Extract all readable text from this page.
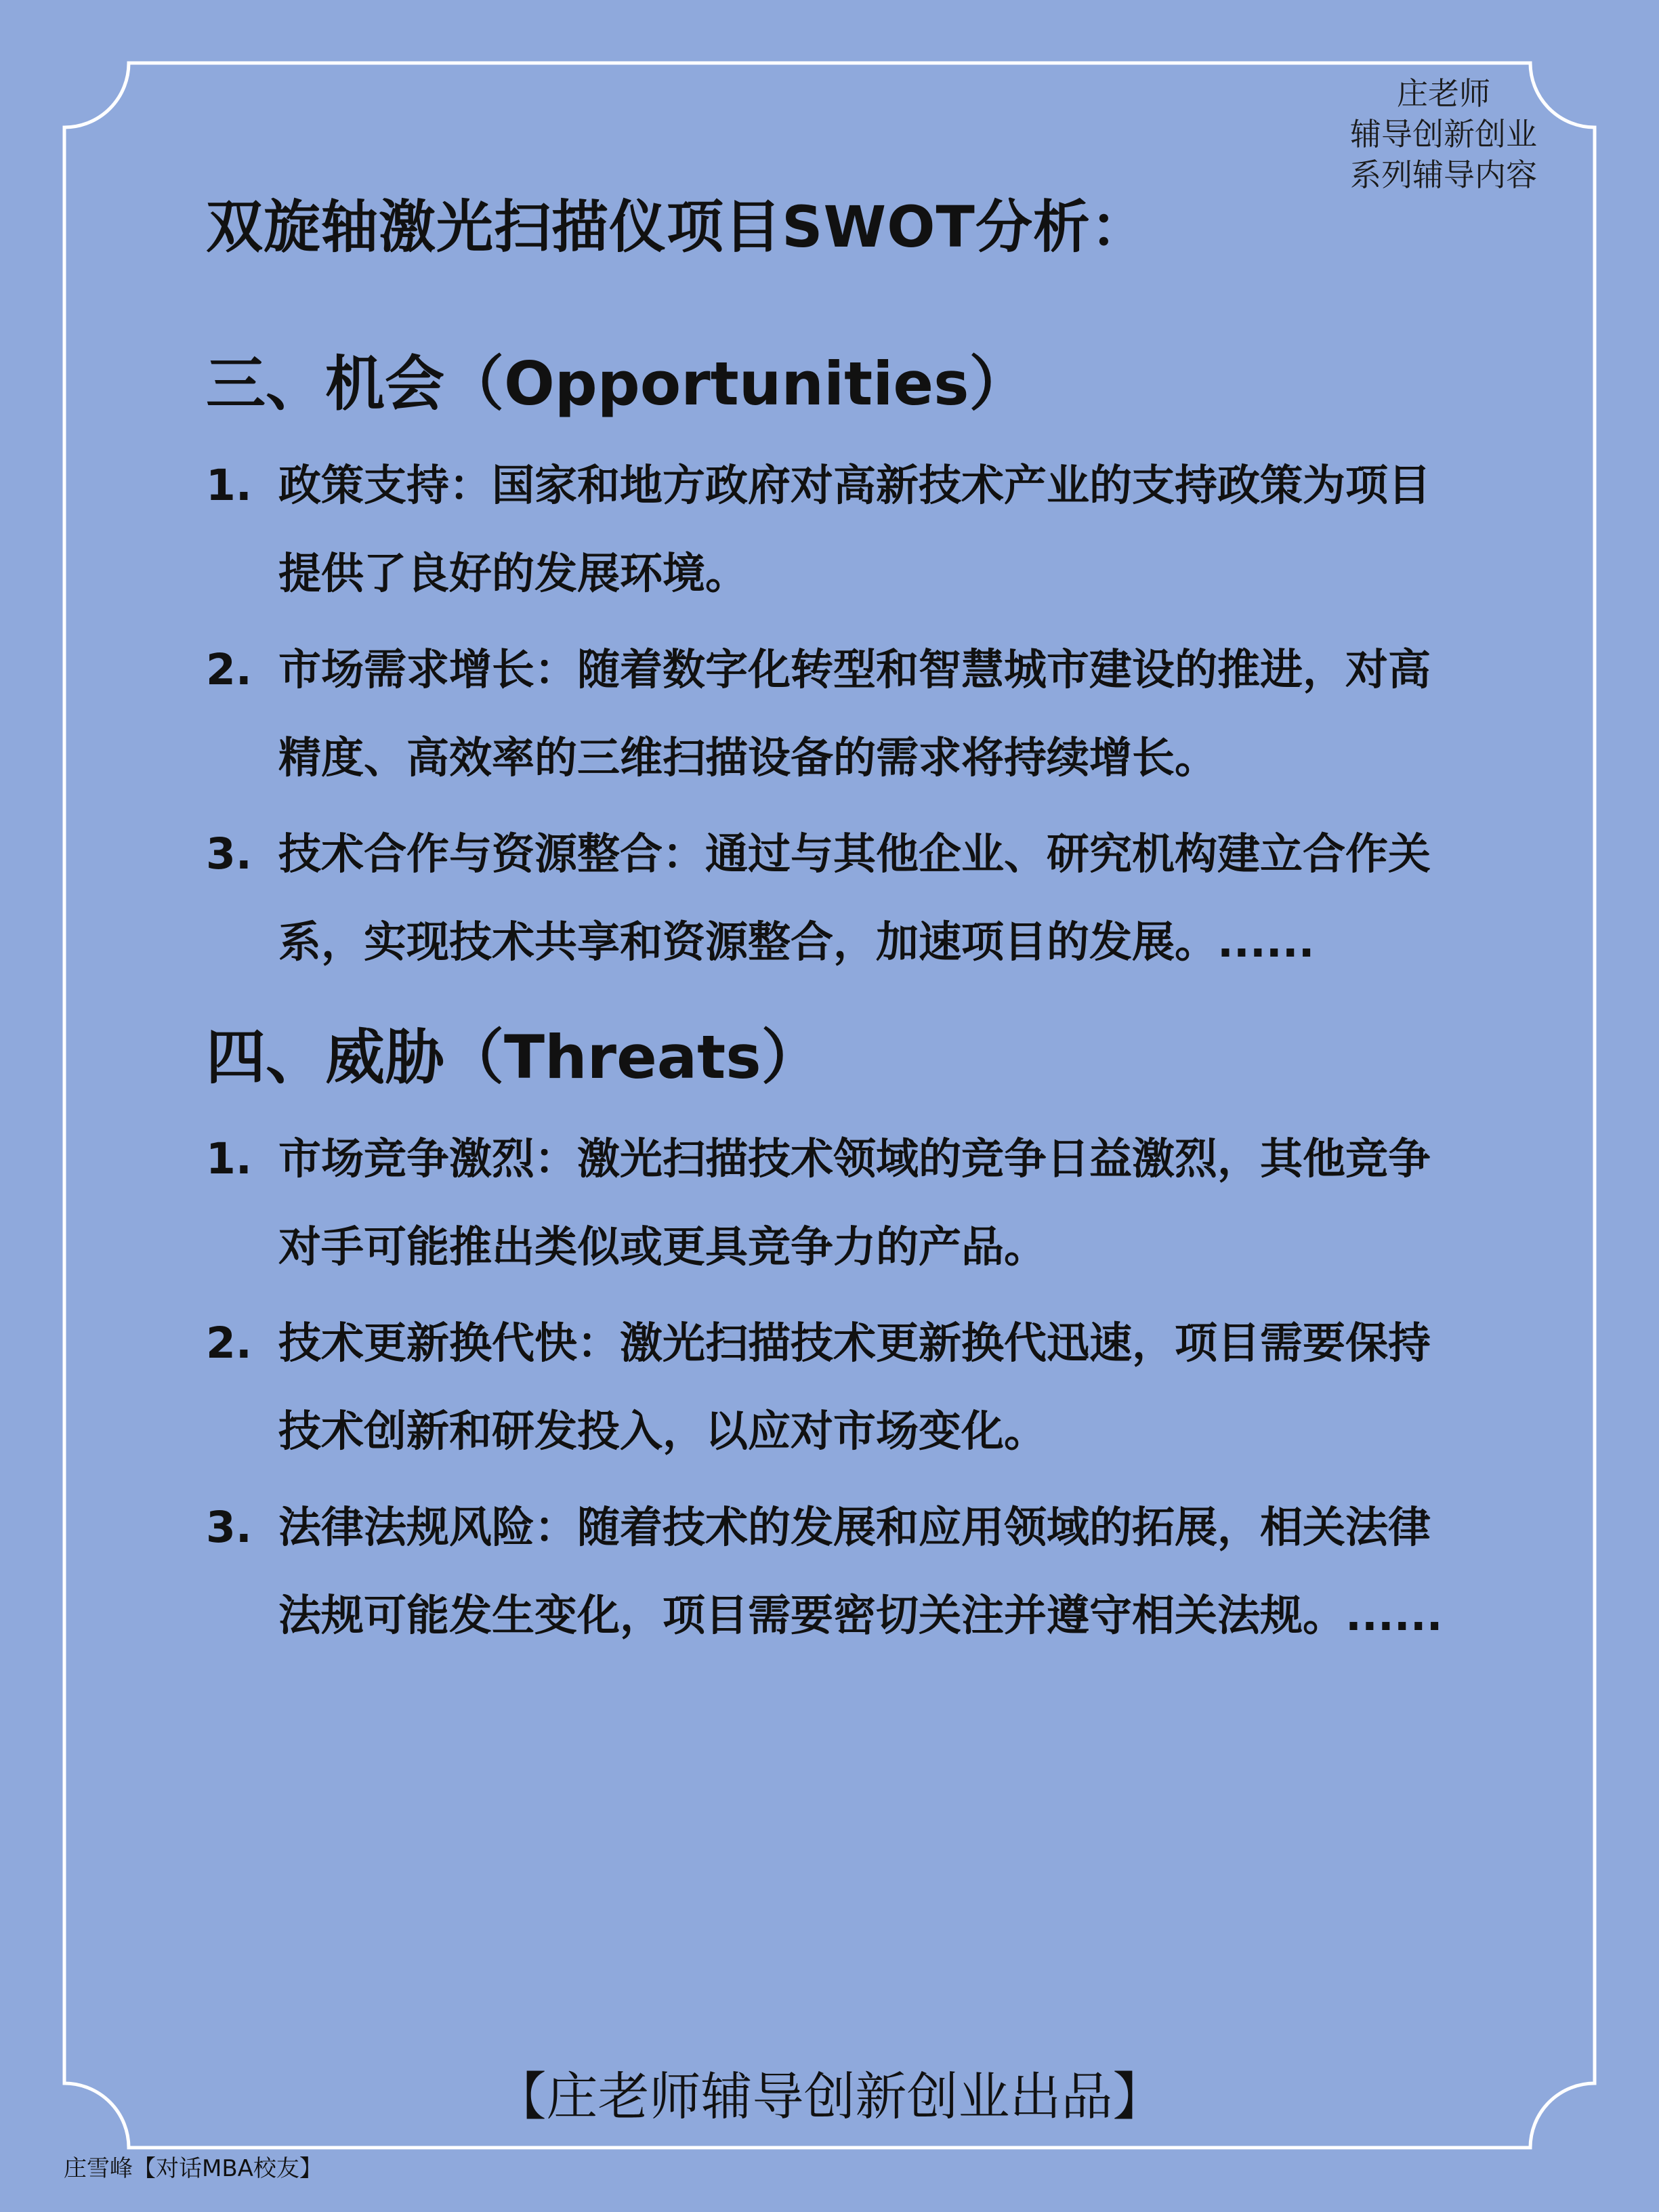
庄老师
辅导创新创业
系列辅导内容
双旋轴激光扫描仪项目SWOT分析：
三、机会（Opportunities）
1. 政策支持：国家和地方政府对高新技术产业的支持政策为项目提供了良好的发展环境。
2. 市场需求增长：随着数字化转型和智慧城市建设的推进，对高精度、高效率的三维扫描设备的需求将持续增长。
3. 技术合作与资源整合：通过与其他企业、研究机构建立合作关系，实现技术共享和资源整合，加速项目的发展。......
四、威胁（Threats）
1. 市场竞争激烈：激光扫描技术领域的竞争日益激烈，其他竞争对手可能推出类似或更具竞争力的产品。
2. 技术更新换代快：激光扫描技术更新换代迅速，项目需要保持技术创新和研发投入，以应对市场变化。
3. 法律法规风险：随着技术的发展和应用领域的拓展，相关法律法规可能发生变化，项目需要密切关注并遵守相关法规。......
【庄老师辅导创新创业出品】
庄雪峰【对话MBA校友】
